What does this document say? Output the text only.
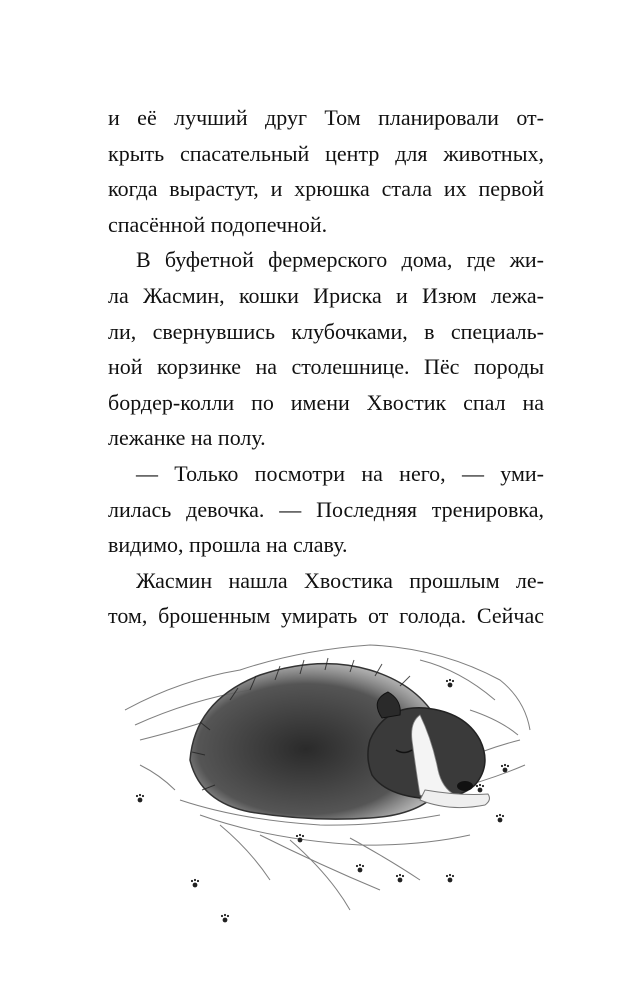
и её лучший друг Том планировали от-
крыть спасательный центр для животных,
когда вырастут, и хрюшка стала их первой
спасённой подопечной.
В буфетной фермерского дома, где жи-
ла Жасмин, кошки Ириска и Изюм лежа-
ли, свернувшись клубочками, в специаль-
ной корзинке на столешнице. Пёс породы
бордер-колли по имени Хвостик спал на
лежанке на полу.
— Только посмотри на него, — уми-
лилась девочка. — Последняя тренировка,
видимо, прошла на славу.
Жасмин нашла Хвостика прошлым ле-
том, брошенным умирать от голода. Сейчас
